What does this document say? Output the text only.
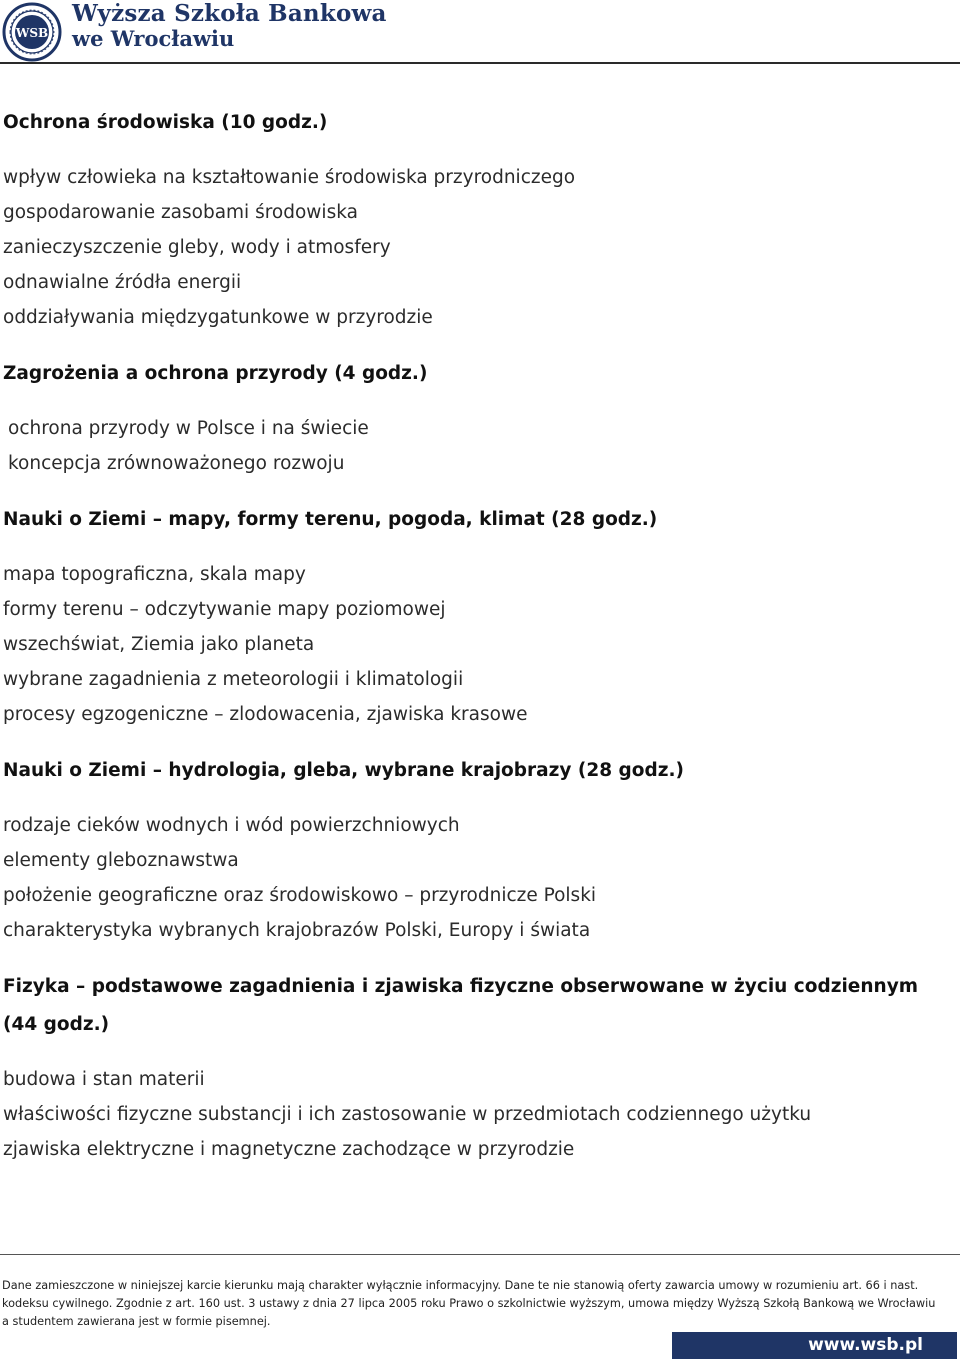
WSB
Wyższa Szkoła Bankowa
we Wrocławiu

Ochrona środowiska (10 godz.)

wpływ człowieka na kształtowanie środowiska przyrodniczego

gospodarowanie zasobami środowiska

zanieczyszczenie gleby, wody i atmosfery

odnawialne źródła energii

oddziaływania międzygatunkowe w przyrodzie

Zagrożenia a ochrona przyrody (4 godz.)

ochrona przyrody w Polsce i na świecie

koncepcja zrównoważonego rozwoju

Nauki o Ziemi – mapy, formy terenu, pogoda, klimat (28 godz.)

mapa topograficzna, skala mapy

formy terenu – odczytywanie mapy poziomowej

wszechświat, Ziemia jako planeta

wybrane zagadnienia z meteorologii i klimatologii

procesy egzogeniczne – zlodowacenia, zjawiska krasowe

Nauki o Ziemi – hydrologia, gleba, wybrane krajobrazy (28 godz.)

rodzaje cieków wodnych i wód powierzchniowych

elementy gleboznawstwa

położenie geograficzne oraz środowiskowo – przyrodnicze Polski

charakterystyka wybranych krajobrazów Polski, Europy i świata

Fizyka – podstawowe zagadnienia i zjawiska fizyczne obserwowane w życiu codziennym

(44 godz.)

budowa i stan materii

właściwości fizyczne substancji i ich zastosowanie w przedmiotach codziennego użytku

zjawiska elektryczne i magnetyczne zachodzące w przyrodzie

Dane zamieszczone w niniejszej karcie kierunku mają charakter wyłącznie informacyjny. Dane te nie stanowią oferty zawarcia umowy w rozumieniu art. 66 i nast.
kodeksu cywilnego. Zgodnie z art. 160 ust. 3 ustawy z dnia 27 lipca 2005 roku Prawo o szkolnictwie wyższym, umowa między Wyższą Szkołą Bankową we Wrocławiu
a studentem zawierana jest w formie pisemnej.
www.wsb.pl
